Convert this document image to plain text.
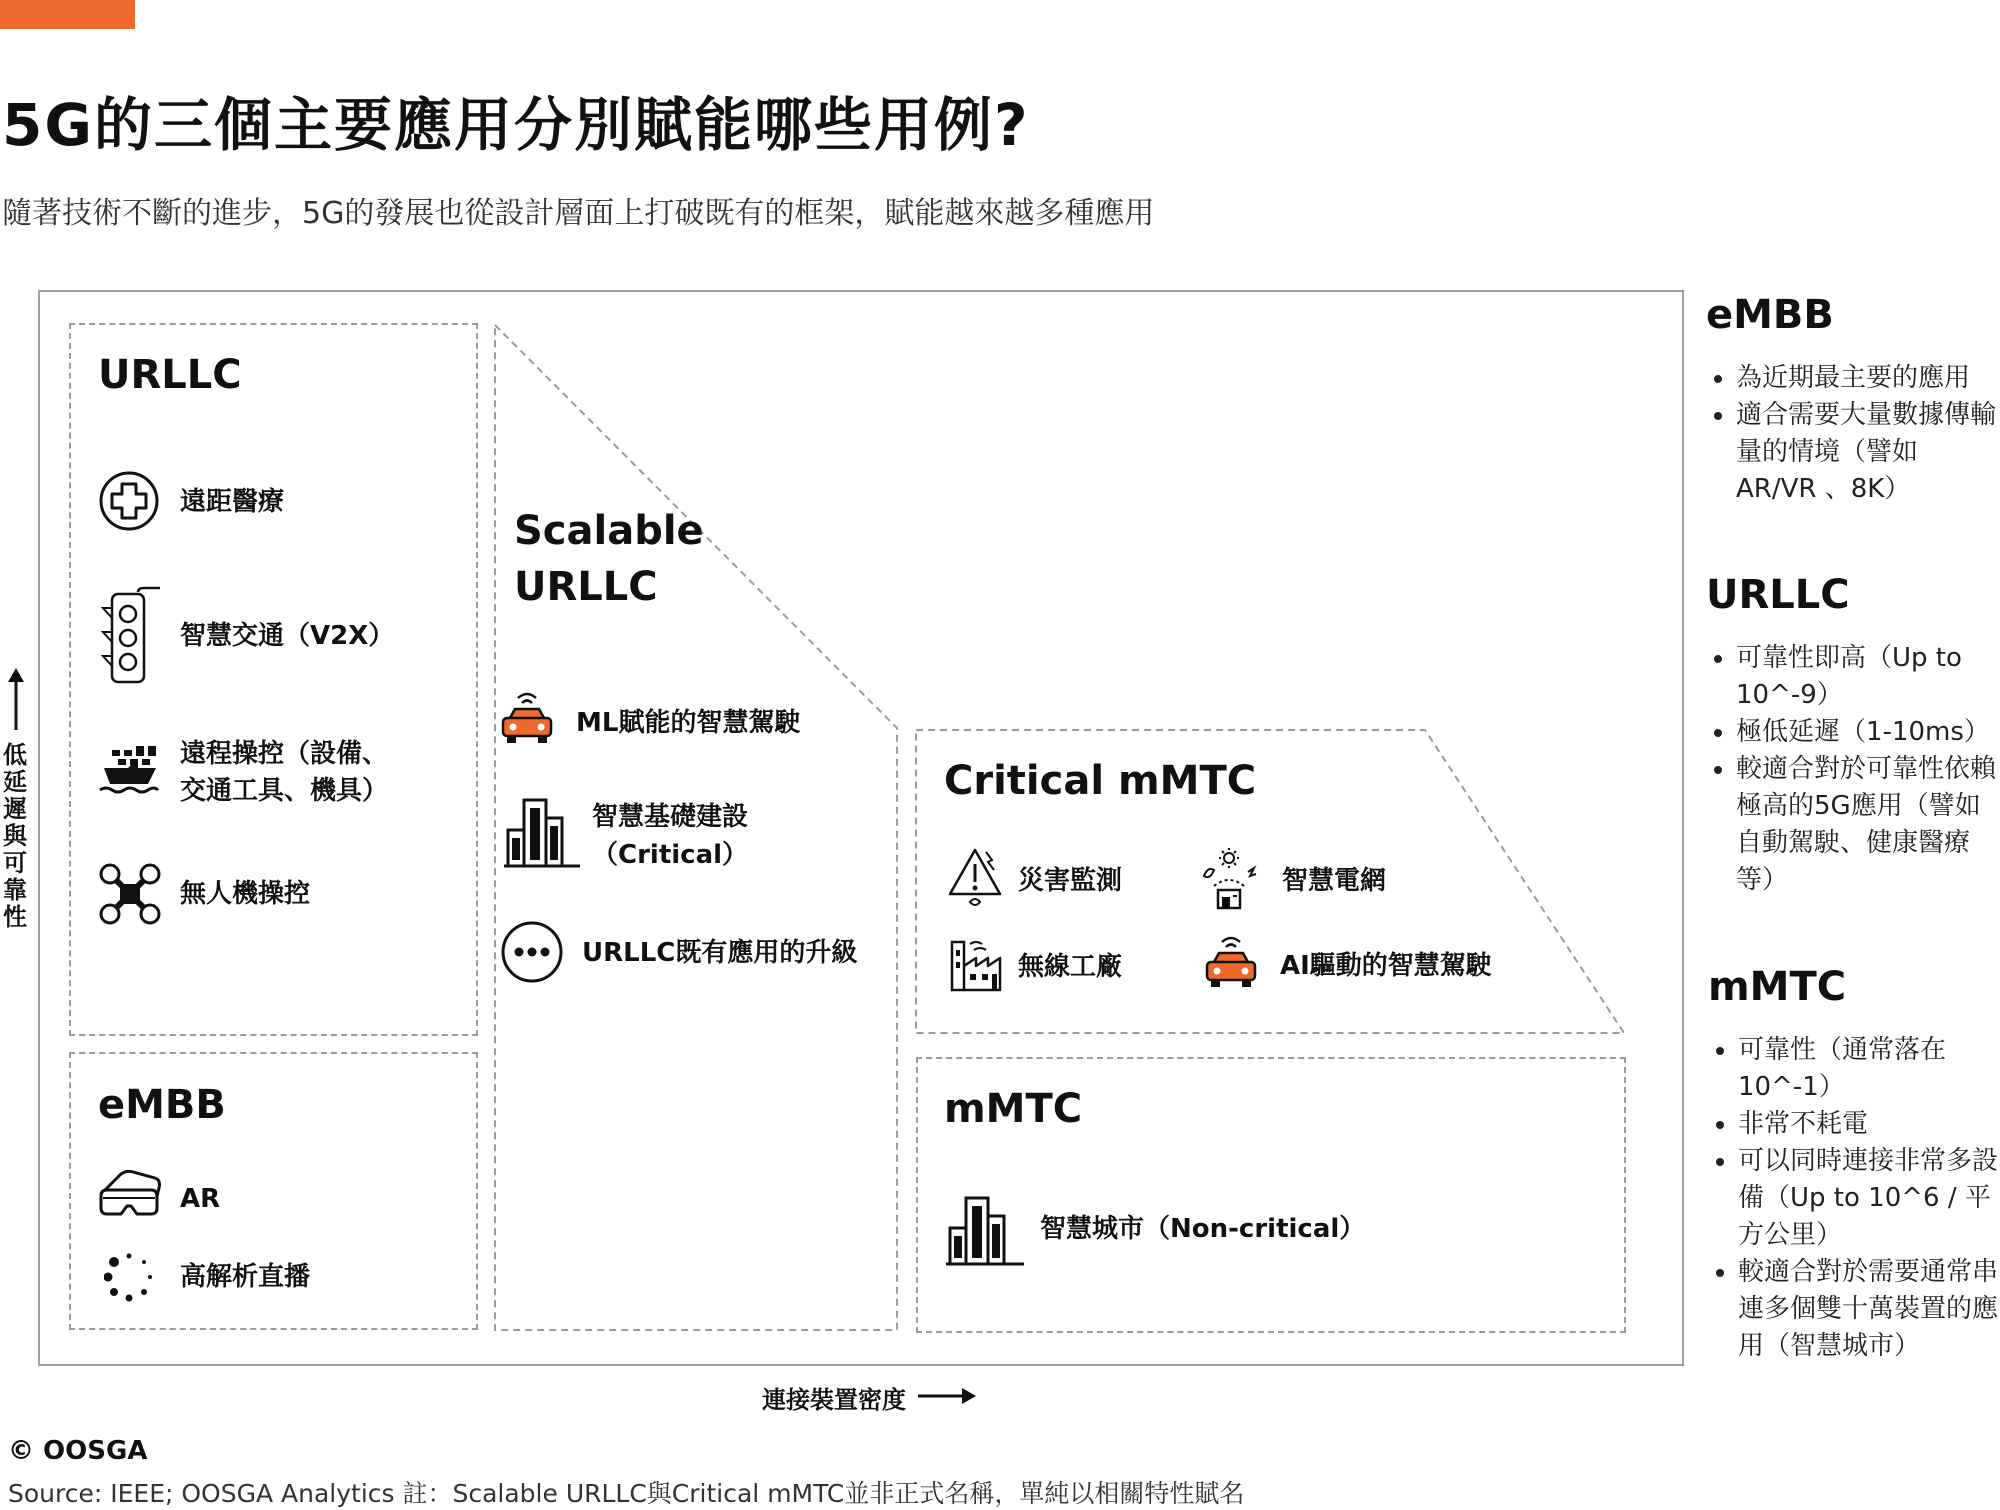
5G的三個主要應用分別賦能哪些用例?
隨著技術不斷的進步，5G的發展也從設計層面上打破既有的框架，賦能越來越多種應用
低延遲與可靠性
連接裝置密度
URLLC
遠距醫療
智慧交通（V2X）
遠程操控（設備、
交通工具、機具）
無人機操控
eMBB
AR
高解析直播
Scalable
URLLC
ML賦能的智慧駕駛
智慧基礎建設
（Critical）
URLLC既有應用的升級
Critical mMTC
災害監測	智慧電網
無線工廠	AI驅動的智慧駕駛
mMTC
智慧城市（Non-critical）
eMBB
• 為近期最主要的應用
• 適合需要大量數據傳輸量的情境（譬如AR/VR 、8K）
URLLC
• 可靠性即高（Up to 10^-9）
• 極低延遲（1-10ms）
• 較適合對於可靠性依賴極高的5G應用（譬如自動駕駛、健康醫療等）
mMTC
• 可靠性（通常落在10^-1）
• 非常不耗電
• 可以同時連接非常多設備（Up to 10^6 / 平方公里）
• 較適合對於需要通常串連多個雙十萬裝置的應用（智慧城市）
© OOSGA
Source: IEEE; OOSGA Analytics 註：Scalable URLLC與Critical mMTC並非正式名稱，單純以相關特性賦名
